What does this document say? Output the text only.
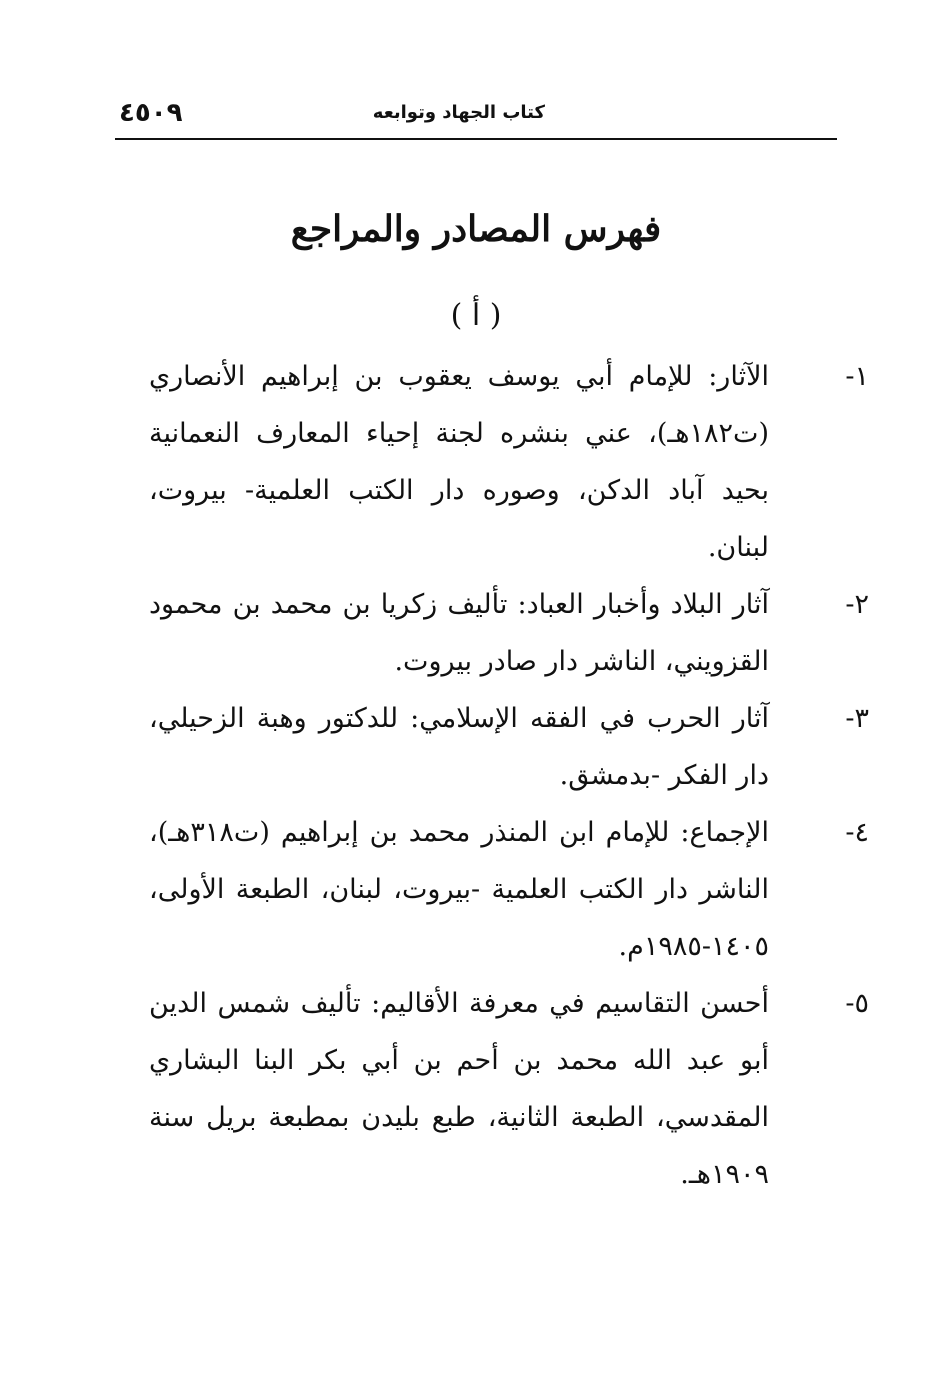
كتاب الجهاد وتوابعه
٤٥٠٩
فهرس المصادر والمراجع
( أ )
١-
الآثار: للإمام أبي يوسف يعقوب بن إبراهيم الأنصاري (ت١٨٢هـ)، عني بنشره لجنة إحياء المعارف النعمانية بحيد آباد الدكن، وصوره دار الكتب العلمية- بيروت، لبنان.
٢-
آثار البلاد وأخبار العباد: تأليف زكريا بن محمد بن محمود القزويني، الناشر دار صادر بيروت.
٣-
آثار الحرب في الفقه الإسلامي: للدكتور وهبة الزحيلي، دار الفكر -بدمشق.
٤-
الإجماع: للإمام ابن المنذر محمد بن إبراهيم (ت٣١٨هـ)، الناشر دار الكتب العلمية -بيروت، لبنان، الطبعة الأولى، ١٤٠٥-١٩٨٥م.
٥-
أحسن التقاسيم في معرفة الأقاليم: تأليف شمس الدين أبو عبد الله محمد بن أحم بن أبي بكر البنا البشاري المقدسي، الطبعة الثانية، طبع بليدن بمطبعة بريل سنة ١٩٠٩هـ.
